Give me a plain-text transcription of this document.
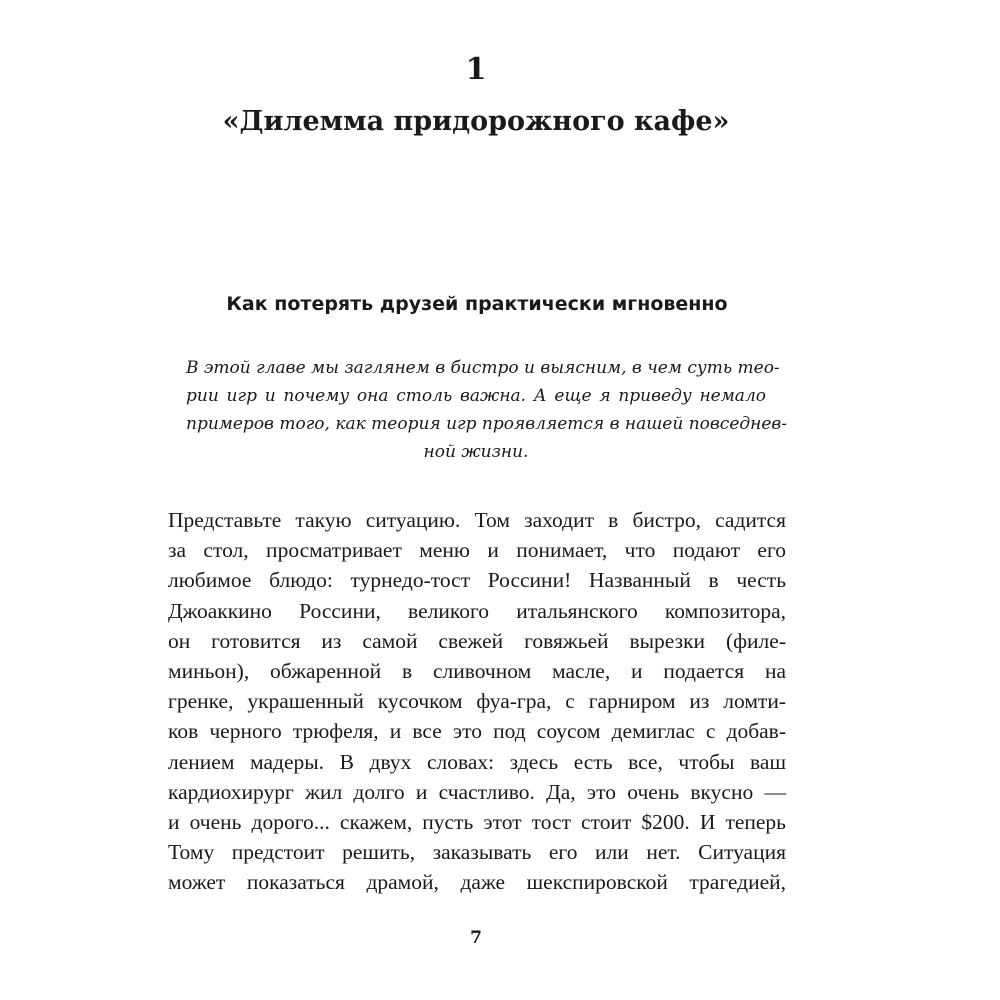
1
«Дилемма придорожного кафе»
Как потерять друзей практически мгновенно
В этой главе мы заглянем в бистро и выясним, в чем суть тео-
рии игр и почему она столь важна. А еще я приведу немало
примеров того, как теория игр проявляется в нашей повседнев-
ной жизни.
Представьте такую ситуацию. Том заходит в бистро, садится
за стол, просматривает меню и понимает, что подают его
любимое блюдо: турнедо-тост Россини! Названный в честь
Джоаккино Россини, великого итальянского композитора,
он готовится из самой свежей говяжьей вырезки (филе-
миньон), обжаренной в сливочном масле, и подается на
гренке, украшенный кусочком фуа-гра, с гарниром из ломти-
ков черного трюфеля, и все это под соусом демиглас с добав-
лением мадеры. В двух словах: здесь есть все, чтобы ваш
кардиохирург жил долго и счастливо. Да, это очень вкусно —
и очень дорого... скажем, пусть этот тост стоит $200. И теперь
Тому предстоит решить, заказывать его или нет. Ситуация
может показаться драмой, даже шекспировской трагедией,
7
